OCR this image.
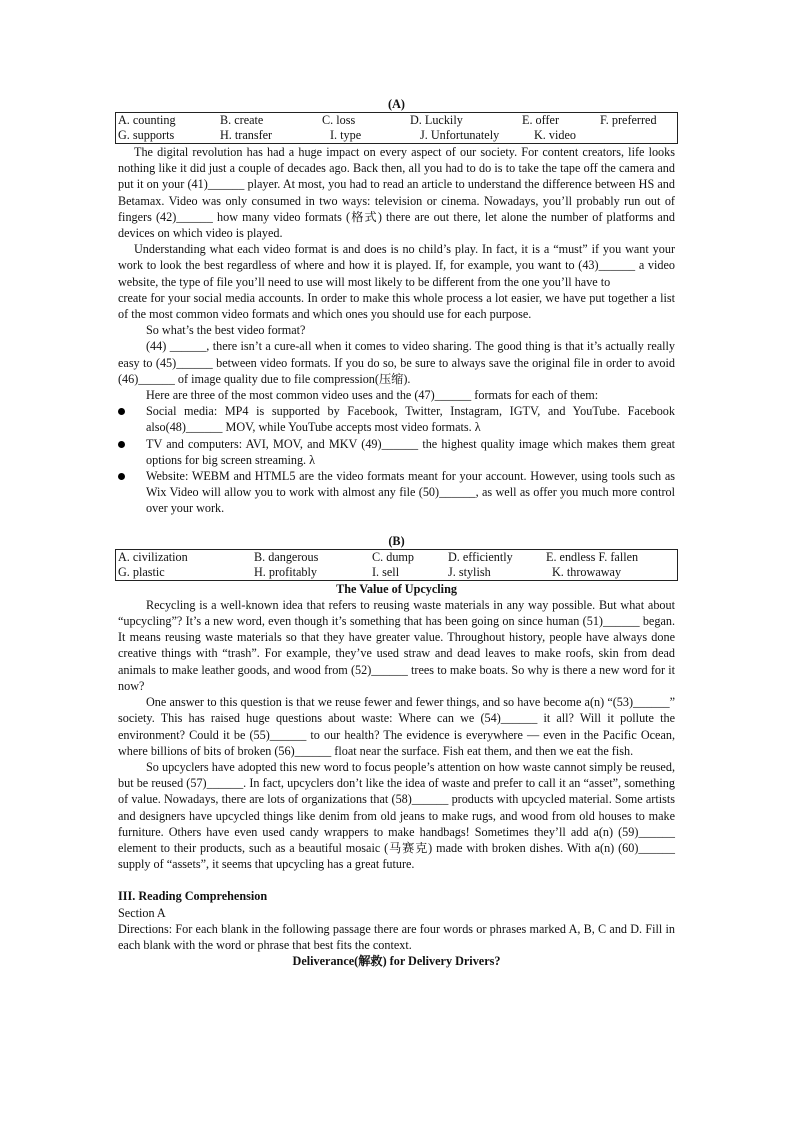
(A)
A. counting	B. create	C. loss	D. Luckily	E. offer	F. preferred
G. supports	H. transfer	I. type	J. Unfortunately	K. video	

The digital revolution has had a huge impact on every aspect of our society. For content creators, life looks nothing like it did just a couple of decades ago. Back then, all you had to do is to take the tape off the camera and put it on your (41)______ player. At most, you had to read an article to understand the difference between HS and Betamax. Video was only consumed in two ways: television or cinema. Nowadays, you’ll probably run out of fingers (42)______ how many video formats (格式) there are out there, let alone the number of platforms and devices on which video is played.

Understanding what each video format is and does is no child’s play. In fact, it is a “must” if you want your work to look the best regardless of where and how it is played. If, for example, you want to (43)______ a video website, the type of file you’ll need to use will most likely to be different from the one you’ll have to

create for your social media accounts. In order to make this whole process a lot easier, we have put together a list of the most common video formats and which ones you should use for each purpose.

So what’s the best video format?

(44) ______, there isn’t a cure-all when it comes to video sharing. The good thing is that it’s actually really easy to (45)______ between video formats. If you do so, be sure to always save the original file in order to avoid (46)______ of image quality due to file compression(压缩).

Here are three of the most common video uses and the (47)______ formats for each of them:

Social media: MP4 is supported by Facebook, Twitter, Instagram, IGTV, and YouTube. Facebook also(48)______ MOV, while YouTube accepts most video formats. λ
TV and computers: AVI, MOV, and MKV (49)______ the highest quality image which makes them great options for big screen streaming. λ
Website: WEBM and HTML5 are the video formats meant for your account. However, using tools such as Wix Video will allow you to work with almost any file (50)______, as well as offer you much more control over your work.
(B)
A. civilization	B. dangerous	C. dump	D. efficiently	E. endless F. fallen
G. plastic	H. profitably	I. sell	J. stylish	K. throwaway
The Value of Upcycling

Recycling is a well-known idea that refers to reusing waste materials in any way possible. But what about “upcycling”? It’s a new word, even though it’s something that has been going on since human (51)______ began. It means reusing waste materials so that they have greater value. Throughout history, people have always done creative things with “trash”. For example, they’ve used straw and dead leaves to make roofs, skin from dead animals to make leather goods, and wood from (52)______ trees to make boats. So why is there a new word for it now?

One answer to this question is that we reuse fewer and fewer things, and so have become a(n) “(53)______” society. This has raised huge questions about waste: Where can we (54)______ it all? Will it pollute the environment? Could it be (55)______ to our health? The evidence is everywhere — even in the Pacific Ocean, where billions of bits of broken (56)______ float near the surface. Fish eat them, and then we eat the fish.

So upcyclers have adopted this new word to focus people’s attention on how waste cannot simply be reused, but be reused (57)______. In fact, upcyclers don’t like the idea of waste and prefer to call it an “asset”, something of value. Nowadays, there are lots of organizations that (58)______ products with upcycled material. Some artists and designers have upcycled things like denim from old jeans to make rugs, and wood from old houses to make furniture. Others have even used candy wrappers to make handbags! Sometimes they’ll add a(n) (59)______ element to their products, such as a beautiful mosaic (马赛克) made with broken dishes. With a(n) (60)______ supply of “assets”, it seems that upcycling has a great future.

III. Reading Comprehension
Section A

Directions: For each blank in the following passage there are four words or phrases marked A, B, C and D. Fill in each blank with the word or phrase that best fits the context.

Deliverance(解救) for Delivery Drivers?
